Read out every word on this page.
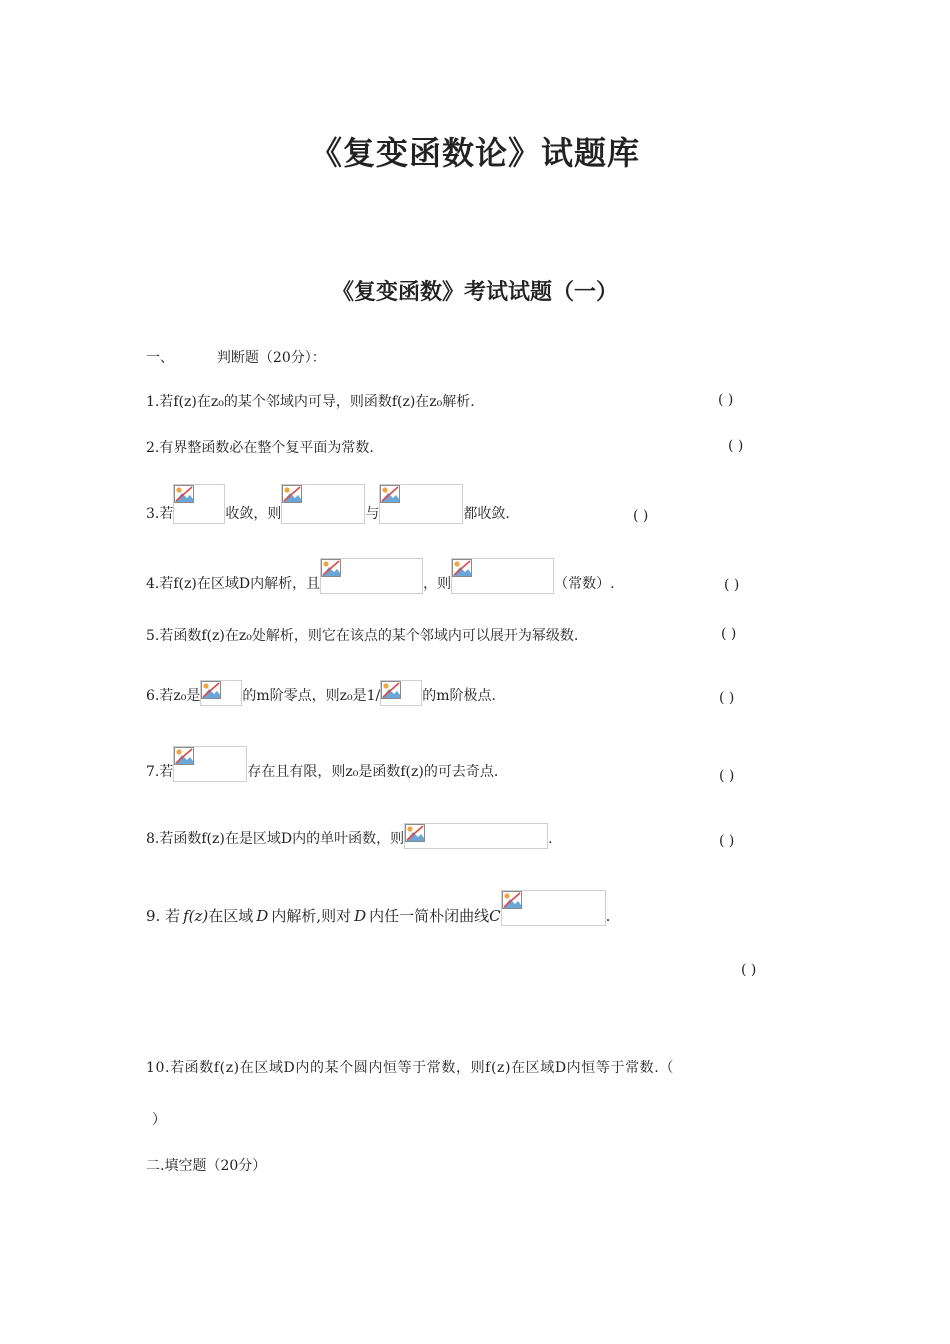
《复变函数论》试题库
《复变函数》考试试题（一）
一、	判断题（20分）：
1.若f(z)在z₀的某个邻域内可导，则函数f(z)在z₀解析.	( )
2.有界整函数必在整个复平面为常数.	( )
3.若	收敛，则	与	都收敛.	( )
4.若f(z)在区域D内解析，且	，则	（常数）.	( )
5.若函数f(z)在z₀处解析，则它在该点的某个邻域内可以展开为幂级数.	( )
6.若z₀是	的m阶零点，则z₀是1/	的m阶极点.	( )
7.若	存在且有限，则z₀是函数f(z)的可去奇点.	( )
8.若函数f(z)在是区域D内的单叶函数，则	.	( )
9. 若 f(z) 在区域 D 内解析,则对 D 内任一简朴闭曲线 C	.
( )
10.若函数f(z)在区域D内的某个圆内恒等于常数，则f(z)在区域D内恒等于常数.（
）
二.填空题（20分）
